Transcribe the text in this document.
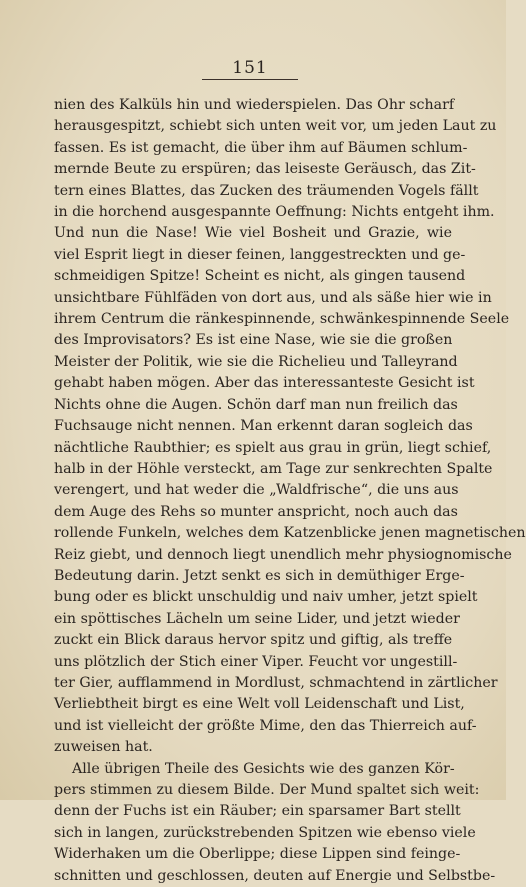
151
nien des Kalküls hin und wiederspielen. Das Ohr scharf
herausgespitzt, schiebt sich unten weit vor, um jeden Laut zu
fassen. Es ist gemacht, die über ihm auf Bäumen schlum-
mernde Beute zu erspüren; das leiseste Geräusch, das Zit-
tern eines Blattes, das Zucken des träumenden Vogels fällt
in die horchend ausgespannte Oeffnung: Nichts entgeht ihm.
Und nun die Nase! Wie viel Bosheit und Grazie, wie
viel Esprit liegt in dieser feinen, langgestreckten und ge-
schmeidigen Spitze! Scheint es nicht, als gingen tausend
unsichtbare Fühlfäden von dort aus, und als säße hier wie in
ihrem Centrum die ränkespinnende, schwänkespinnende Seele
des Improvisators? Es ist eine Nase, wie sie die großen
Meister der Politik, wie sie die Richelieu und Talleyrand
gehabt haben mögen. Aber das interessanteste Gesicht ist
Nichts ohne die Augen. Schön darf man nun freilich das
Fuchsauge nicht nennen. Man erkennt daran sogleich das
nächtliche Raubthier; es spielt aus grau in grün, liegt schief,
halb in der Höhle versteckt, am Tage zur senkrechten Spalte
verengert, und hat weder die „Waldfrische“, die uns aus
dem Auge des Rehs so munter anspricht, noch auch das
rollende Funkeln, welches dem Katzenblicke jenen magnetischen
Reiz giebt, und dennoch liegt unendlich mehr physiognomische
Bedeutung darin. Jetzt senkt es sich in demüthiger Erge-
bung oder es blickt unschuldig und naiv umher, jetzt spielt
ein spöttisches Lächeln um seine Lider, und jetzt wieder
zuckt ein Blick daraus hervor spitz und giftig, als treffe
uns plötzlich der Stich einer Viper. Feucht vor ungestill-
ter Gier, aufflammend in Mordlust, schmachtend in zärtlicher
Verliebtheit birgt es eine Welt voll Leidenschaft und List,
und ist vielleicht der größte Mime, den das Thierreich auf-
zuweisen hat.
Alle übrigen Theile des Gesichts wie des ganzen Kör-
pers stimmen zu diesem Bilde. Der Mund spaltet sich weit:
denn der Fuchs ist ein Räuber; ein sparsamer Bart stellt
sich in langen, zurückstrebenden Spitzen wie ebenso viele
Widerhaken um die Oberlippe; diese Lippen sind feinge-
schnitten und geschlossen, deuten auf Energie und Selbstbe-
